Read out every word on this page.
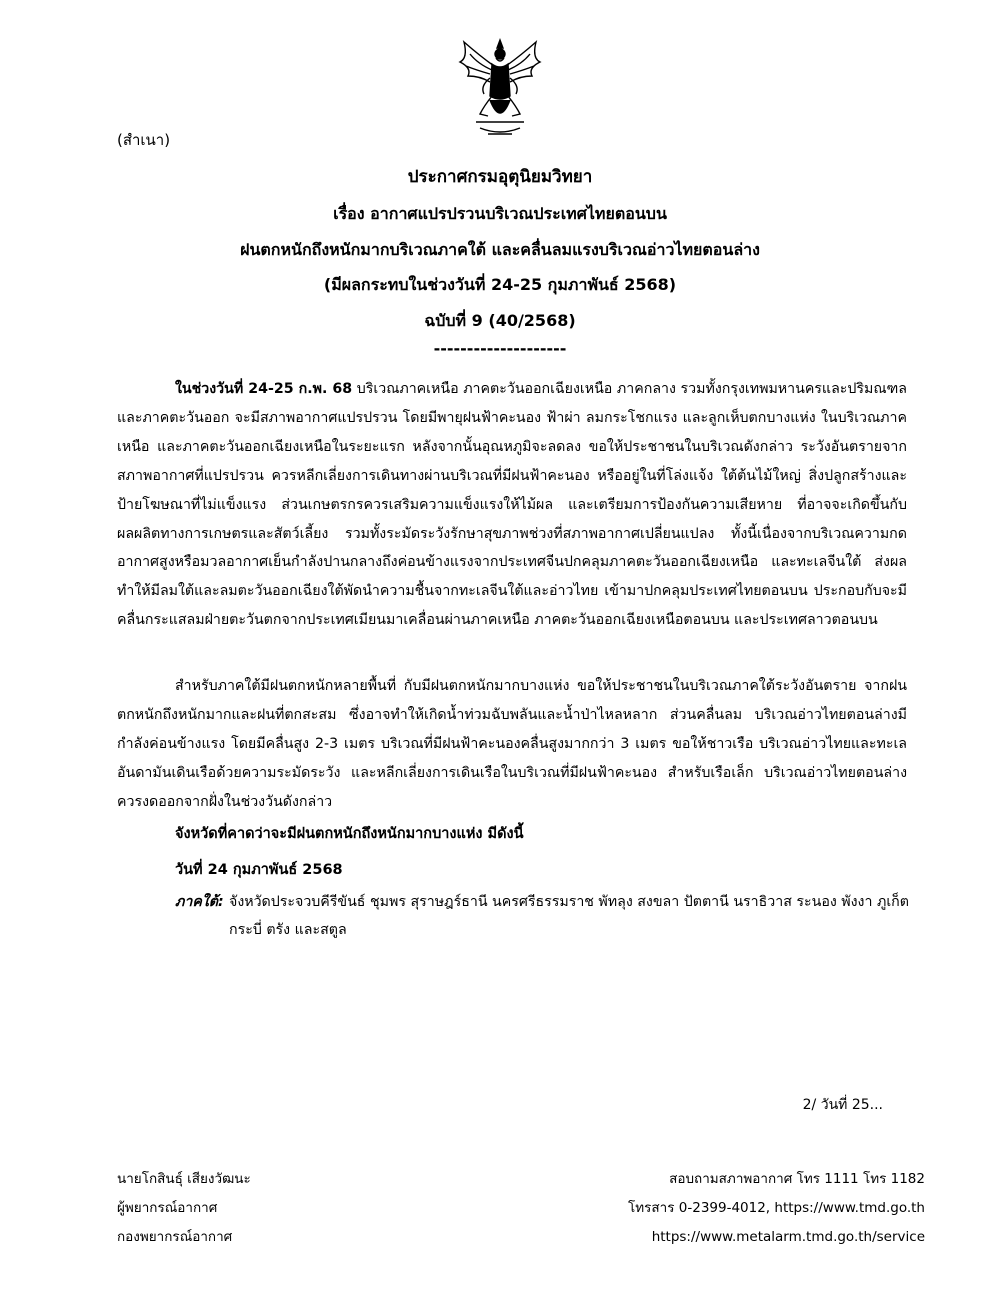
(สำเนา)
ประกาศกรมอุตุนิยมวิทยา
เรื่อง อากาศแปรปรวนบริเวณประเทศไทยตอนบน
ฝนตกหนักถึงหนักมากบริเวณภาคใต้ และคลื่นลมแรงบริเวณอ่าวไทยตอนล่าง
(มีผลกระทบในช่วงวันที่ 24-25 กุมภาพันธ์ 2568)
ฉบับที่ 9 (40/2568)
--------------------
ในช่วงวันที่ 24-25 ก.พ. 68 บริเวณภาคเหนือ ภาคตะวันออกเฉียงเหนือ ภาคกลาง รวมทั้งกรุงเทพมหานครและปริมณฑล และภาคตะวันออก จะมีสภาพอากาศแปรปรวน โดยมีพายุฝนฟ้าคะนอง ฟ้าผ่า ลมกระโชกแรง และลูกเห็บตกบางแห่ง ในบริเวณภาคเหนือ และภาคตะวันออกเฉียงเหนือในระยะแรก หลังจากนั้นอุณหภูมิจะลดลง ขอให้ประชาชนในบริเวณดังกล่าว ระวังอันตรายจากสภาพอากาศที่แปรปรวน ควรหลีกเลี่ยงการเดินทางผ่านบริเวณที่มีฝนฟ้าคะนอง หรืออยู่ในที่โล่งแจ้ง ใต้ต้นไม้ใหญ่ สิ่งปลูกสร้างและป้ายโฆษณาที่ไม่แข็งแรง ส่วนเกษตรกรควรเสริมความแข็งแรงให้ไม้ผล และเตรียมการป้องกันความเสียหาย ที่อาจจะเกิดขึ้นกับผลผลิตทางการเกษตรและสัตว์เลี้ยง รวมทั้งระมัดระวังรักษาสุขภาพช่วงที่สภาพอากาศเปลี่ยนแปลง ทั้งนี้เนื่องจากบริเวณความกดอากาศสูงหรือมวลอากาศเย็นกำลังปานกลางถึงค่อนข้างแรงจากประเทศจีนปกคลุมภาคตะวันออกเฉียงเหนือ และทะเลจีนใต้ ส่งผลทำให้มีลมใต้และลมตะวันออกเฉียงใต้พัดนำความชื้นจากทะเลจีนใต้และอ่าวไทย เข้ามาปกคลุมประเทศไทยตอนบน ประกอบกับจะมีคลื่นกระแสลมฝ่ายตะวันตกจากประเทศเมียนมาเคลื่อนผ่านภาคเหนือ ภาคตะวันออกเฉียงเหนือตอนบน และประเทศลาวตอนบน
สำหรับภาคใต้มีฝนตกหนักหลายพื้นที่ กับมีฝนตกหนักมากบางแห่ง ขอให้ประชาชนในบริเวณภาคใต้ระวังอันตราย จากฝนตกหนักถึงหนักมากและฝนที่ตกสะสม ซึ่งอาจทำให้เกิดน้ำท่วมฉับพลันและน้ำป่าไหลหลาก ส่วนคลื่นลม บริเวณอ่าวไทยตอนล่างมีกำลังค่อนข้างแรง โดยมีคลื่นสูง 2-3 เมตร บริเวณที่มีฝนฟ้าคะนองคลื่นสูงมากกว่า 3 เมตร ขอให้ชาวเรือ บริเวณอ่าวไทยและทะเลอันดามันเดินเรือด้วยความระมัดระวัง และหลีกเลี่ยงการเดินเรือในบริเวณที่มีฝนฟ้าคะนอง สำหรับเรือเล็ก บริเวณอ่าวไทยตอนล่างควรงดออกจากฝั่งในช่วงวันดังกล่าว
จังหวัดที่คาดว่าจะมีฝนตกหนักถึงหนักมากบางแห่ง มีดังนี้
วันที่ 24 กุมภาพันธ์ 2568
ภาคใต้: จังหวัดประจวบคีรีขันธ์ ชุมพร สุราษฎร์ธานี นครศรีธรรมราช พัทลุง สงขลา ปัตตานี นราธิวาส ระนอง พังงา ภูเก็ต กระบี่ ตรัง และสตูล
2/ วันที่ 25...
นายโกสินธุ์ เสียงวัฒนะ
ผู้พยากรณ์อากาศ
กองพยากรณ์อากาศ
สอบถามสภาพอากาศ โทร 1111 โทร 1182
โทรสาร 0-2399-4012, https://www.tmd.go.th
https://www.metalarm.tmd.go.th/service
